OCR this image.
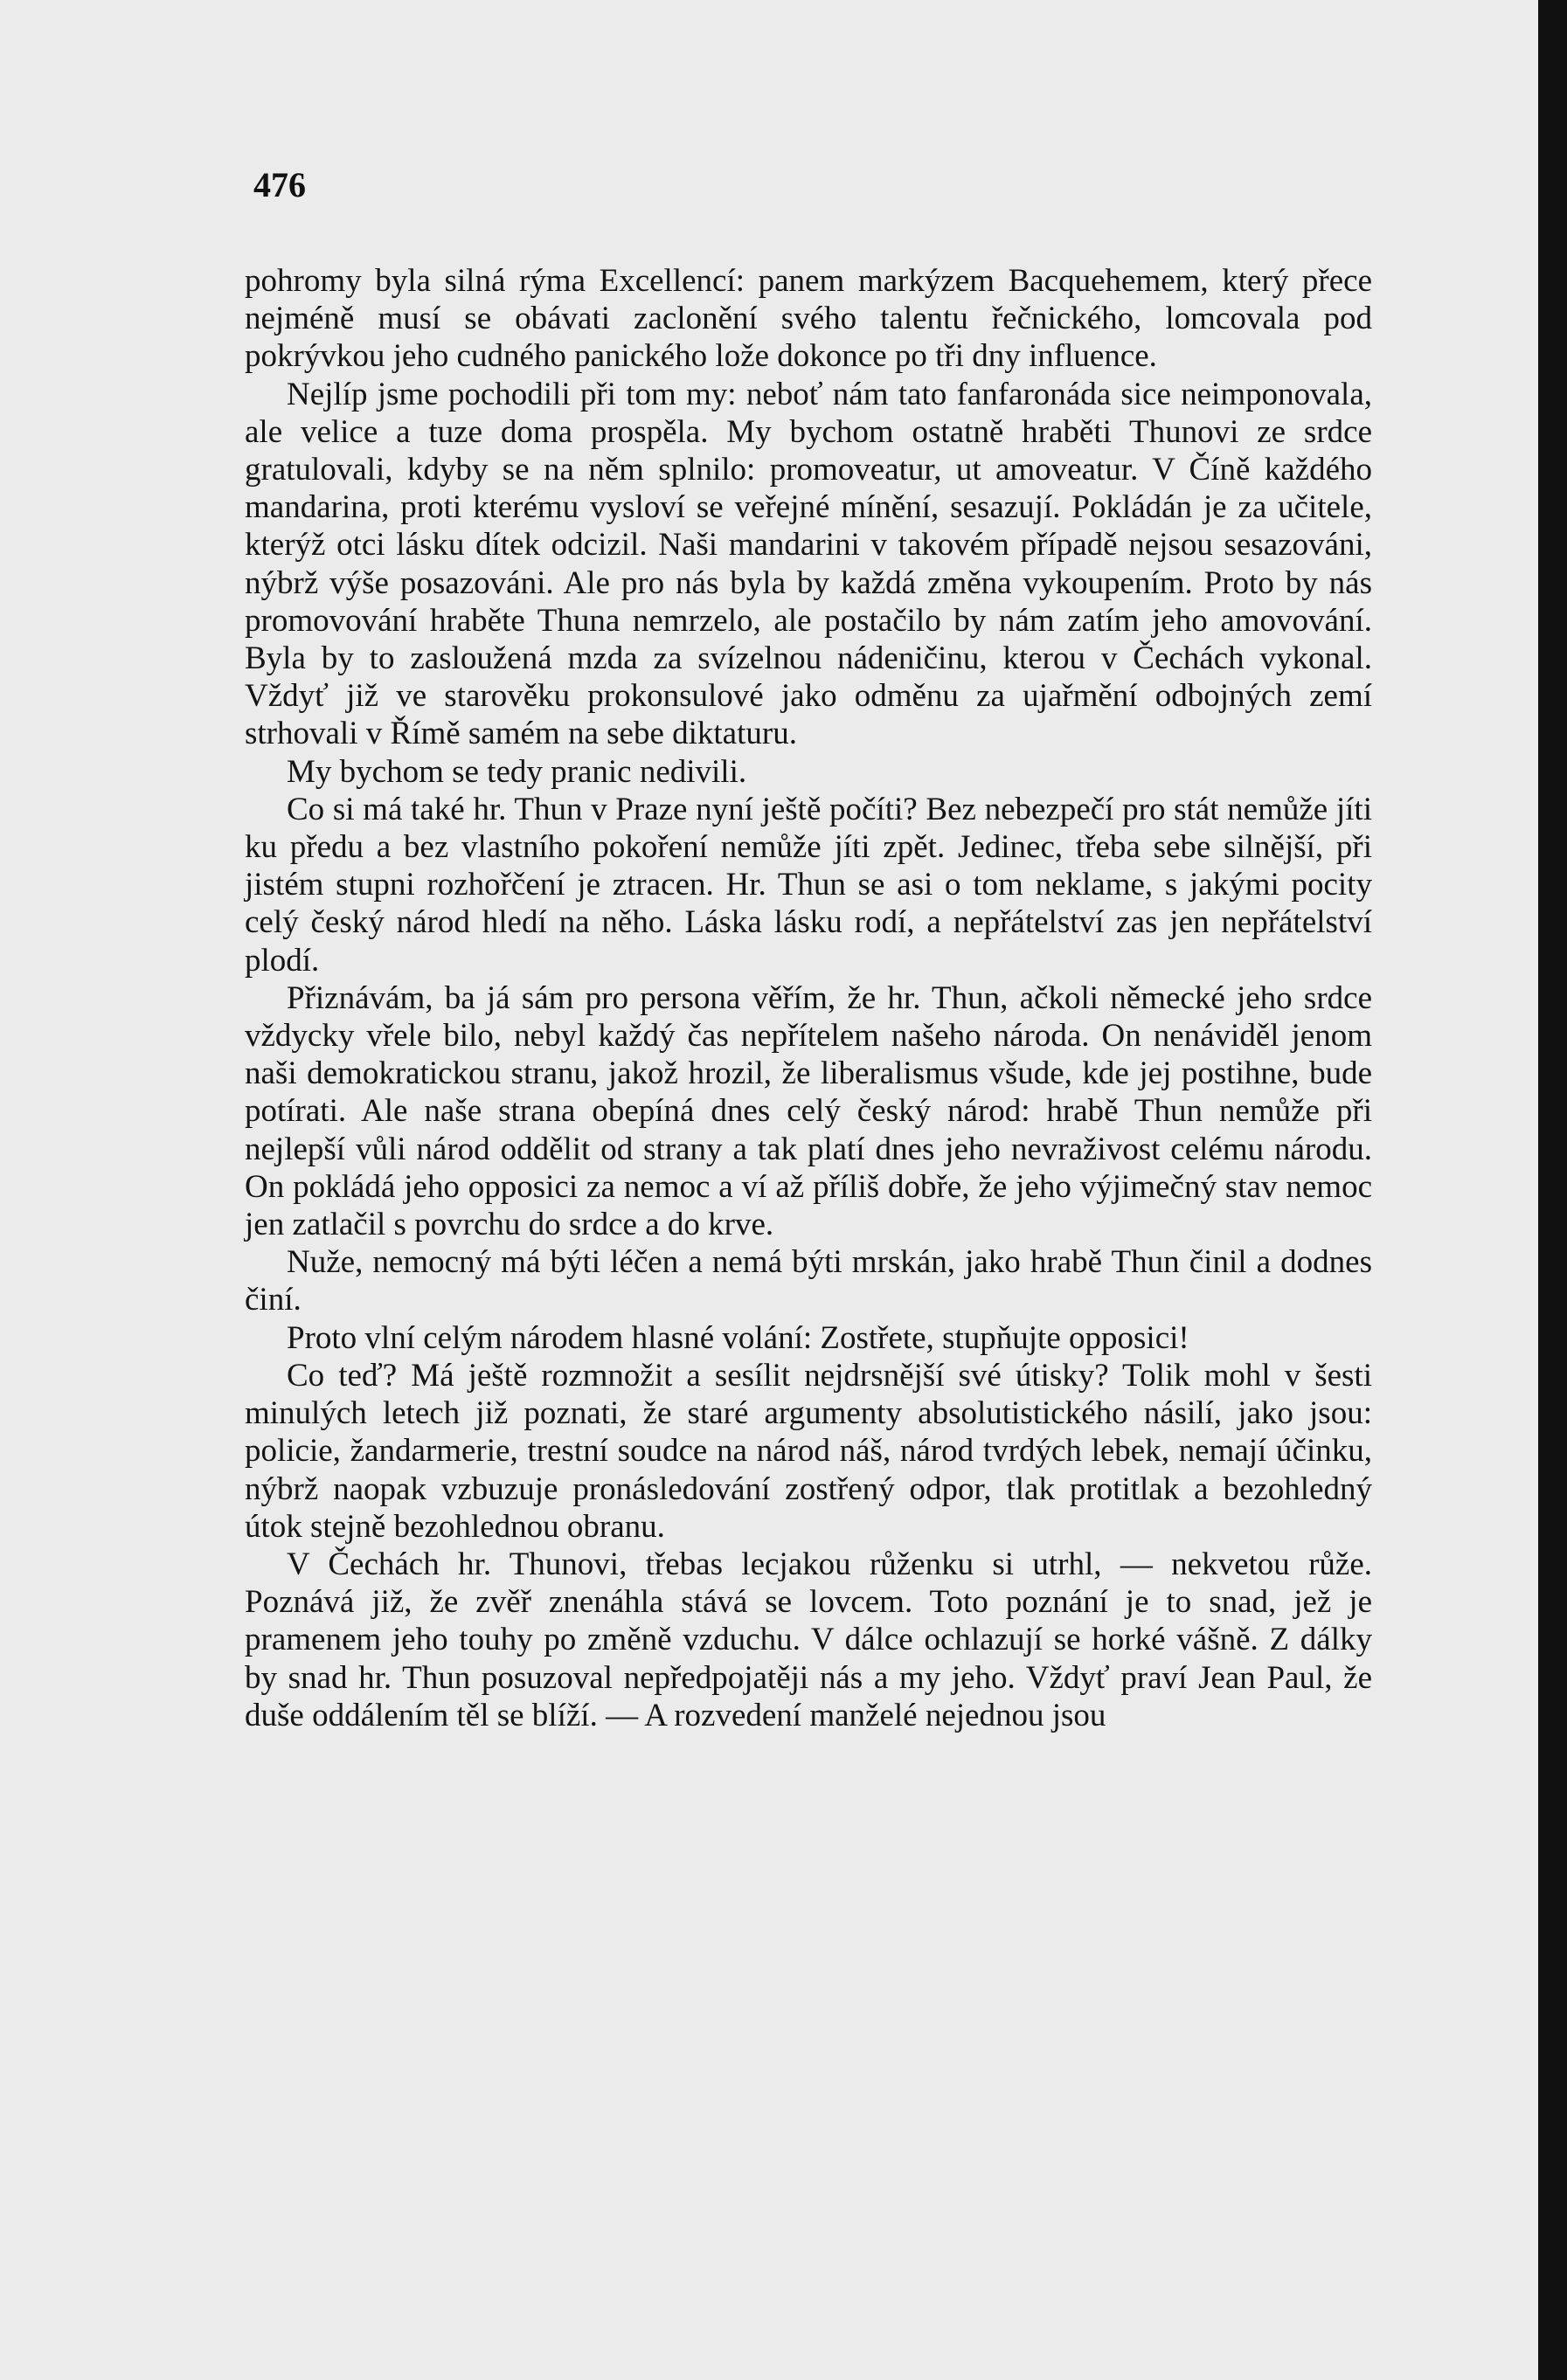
476

pohromy byla silná rýma Excellencí: panem markýzem Bacquehemem, který přece nejméně musí se obávati zaclonění svého talentu řečnického, lomcovala pod pokrývkou jeho cudného panického lože dokonce po tři dny influence.

Nejlíp jsme pochodili při tom my: neboť nám tato fanfaronáda sice neimponovala, ale velice a tuze doma prospěla. My bychom ostatně hraběti Thunovi ze srdce gratulovali, kdyby se na něm splnilo: promoveatur, ut amoveatur. V Číně každého mandarina, proti kterému vysloví se veřejné mínění, sesazují. Pokládán je za učitele, kterýž otci lásku dítek odcizil. Naši mandarini v takovém případě nejsou sesazováni, nýbrž výše posazováni. Ale pro nás byla by každá změna vykoupením. Proto by nás promovování hraběte Thuna nemrzelo, ale postačilo by nám zatím jeho amovování. Byla by to zasloužená mzda za svízelnou nádeničinu, kterou v Čechách vykonal. Vždyť již ve starověku prokonsulové jako odměnu za ujařmění odbojných zemí strhovali v Římě samém na sebe diktaturu.

My bychom se tedy pranic nedivili.

Co si má také hr. Thun v Praze nyní ještě počíti? Bez nebezpečí pro stát nemůže jíti ku předu a bez vlastního pokoření nemůže jíti zpět. Jedinec, třeba sebe silnější, při jistém stupni rozhořčení je ztracen. Hr. Thun se asi o tom neklame, s jakými pocity celý český národ hledí na něho. Láska lásku rodí, a nepřátelství zas jen nepřátelství plodí.

Přiznávám, ba já sám pro persona věřím, že hr. Thun, ačkoli německé jeho srdce vždycky vřele bilo, nebyl každý čas nepřítelem našeho národa. On nenáviděl jenom naši demokratickou stranu, jakož hrozil, že liberalismus všude, kde jej postihne, bude potírati. Ale naše strana obepíná dnes celý český národ: hrabě Thun nemůže při nejlepší vůli národ oddělit od strany a tak platí dnes jeho nevraživost celému národu. On pokládá jeho opposici za nemoc a ví až příliš dobře, že jeho výjimečný stav nemoc jen zatlačil s povrchu do srdce a do krve.

Nuže, nemocný má býti léčen a nemá býti mrskán, jako hrabě Thun činil a dodnes činí.

Proto vlní celým národem hlasné volání: Zostřete, stupňujte opposici!

Co teď? Má ještě rozmnožit a sesílit nejdrsnější své útisky? Tolik mohl v šesti minulých letech již poznati, že staré argumenty absolutistického násilí, jako jsou: policie, žandarmerie, trestní soudce na národ náš, národ tvrdých lebek, nemají účinku, nýbrž naopak vzbuzuje pronásledování zostřený odpor, tlak protitlak a bezohledný útok stejně bezohlednou obranu.

V Čechách hr. Thunovi, třebas lecjakou růženku si utrhl, — nekvetou růže. Poznává již, že zvěř znenáhla stává se lovcem. Toto poznání je to snad, jež je pramenem jeho touhy po změně vzduchu. V dálce ochlazují se horké vášně. Z dálky by snad hr. Thun posuzoval nepředpojatěji nás a my jeho. Vždyť praví Jean Paul, že duše oddálením těl se blíží. — A rozvedení manželé nejednou jsou
